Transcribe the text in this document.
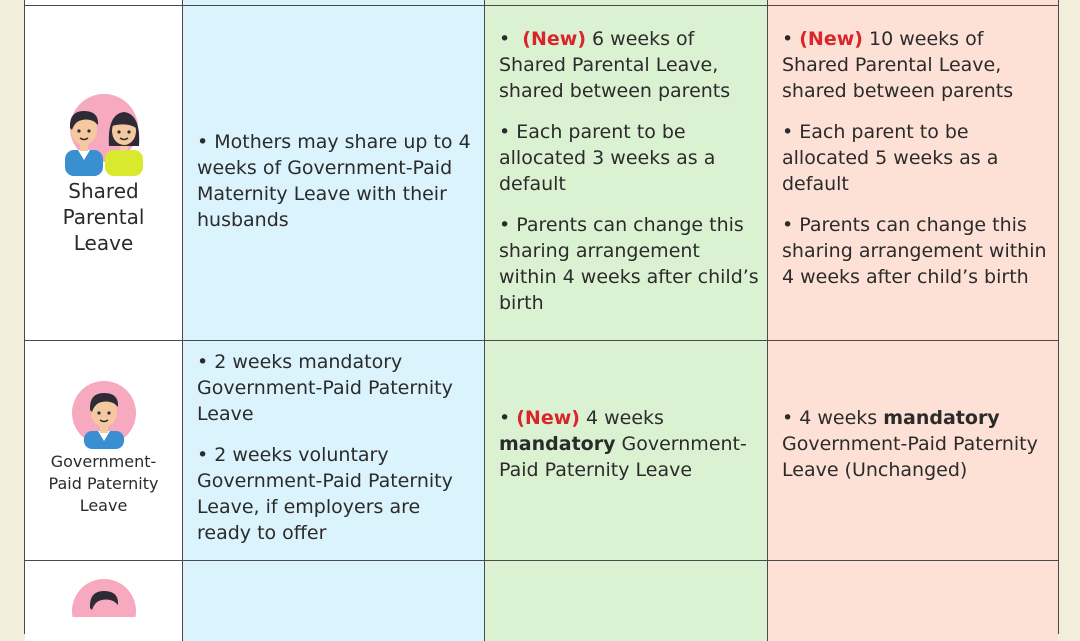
Shared
Parental
Leave

• Mothers may share up to 4 weeks of Government-Paid Maternity Leave with their husbands

•  (New) 6 weeks of Shared Parental Leave, shared between parents

• Each parent to be allocated 3 weeks as a default

• Parents can change this sharing arrangement within 4 weeks after child’s birth

• (New) 10 weeks of Shared Parental Leave, shared between parents

• Each parent to be allocated 5 weeks as a default

• Parents can change this sharing arrangement within 4 weeks after child’s birth

Government-
Paid Paternity
Leave

• 2 weeks mandatory Government-Paid Paternity Leave

• 2 weeks voluntary Government-Paid Paternity Leave, if employers are ready to offer

• (New) 4 weeks mandatory Government-Paid Paternity Leave

• 4 weeks mandatory Government-Paid Paternity Leave (Unchanged)
